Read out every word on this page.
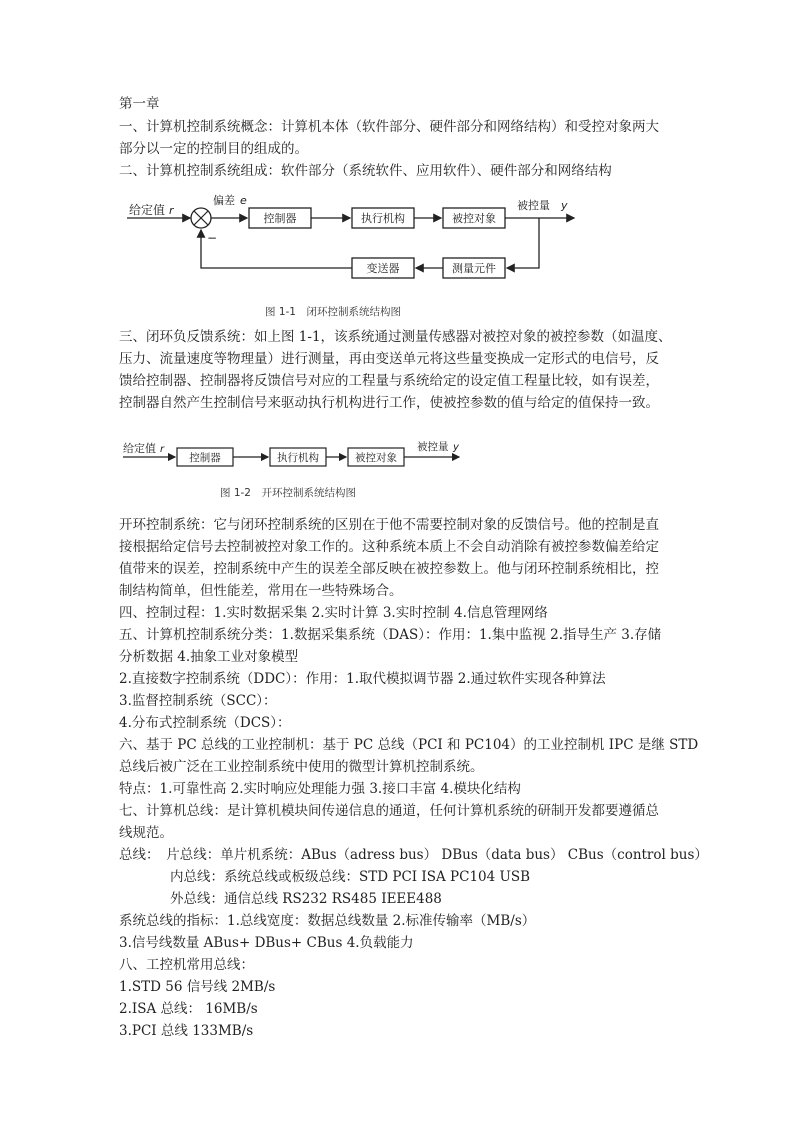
第一章
一、计算机控制系统概念：计算机本体（软件部分、硬件部分和网络结构）和受控对象两大
部分以一定的控制目的组成的。
二、计算机控制系统组成：软件部分（系统软件、应用软件）、硬件部分和网络结构
给定值 r
偏差 e
控制器	执行机构	被控对象
被控量 y
测量元件
变送器
−
图 1-1　闭环控制系统结构图
三、闭环负反馈系统：如上图 1-1，该系统通过测量传感器对被控对象的被控参数（如温度、
压力、流量速度等物理量）进行测量，再由变送单元将这些量变换成一定形式的电信号，反
馈给控制器、控制器将反馈信号对应的工程量与系统给定的设定值工程量比较，如有误差，
控制器自然产生控制信号来驱动执行机构进行工作，使被控参数的值与给定的值保持一致。
给定值 r
控制器	执行机构	被控对象
被控量 y
图 1-2　开环控制系统结构图
开环控制系统：它与闭环控制系统的区别在于他不需要控制对象的反馈信号。他的控制是直
接根据给定信号去控制被控对象工作的。这种系统本质上不会自动消除有被控参数偏差给定
值带来的误差，控制系统中产生的误差全部反映在被控参数上。他与闭环控制系统相比，控
制结构简单，但性能差，常用在一些特殊场合。
四、控制过程：1.实时数据采集 2.实时计算 3.实时控制 4.信息管理网络
五、计算机控制系统分类：1.数据采集系统（DAS）：作用：1.集中监视 2.指导生产 3.存储
分析数据 4.抽象工业对象模型
2.直接数字控制系统（DDC）：作用：1.取代模拟调节器 2.通过软件实现各种算法
3.监督控制系统（SCC）：
4.分布式控制系统（DCS）：
六、基于 PC 总线的工业控制机：基于 PC 总线（PCI 和 PC104）的工业控制机 IPC 是继 STD
总线后被广泛在工业控制系统中使用的微型计算机控制系统。
特点：1.可靠性高 2.实时响应处理能力强 3.接口丰富 4.模块化结构
七、计算机总线：是计算机模块间传递信息的通道，任何计算机系统的研制开发都要遵循总
线规范。
总线：　片总线：单片机系统：ABus（adress bus） DBus（data bus） CBus（control bus）
内总线：系统总线或板级总线：STD PCI ISA PC104 USB
外总线：通信总线 RS232 RS485 IEEE488
系统总线的指标：1.总线宽度：数据总线数量 2.标准传输率（MB/s）
3.信号线数量 ABus+ DBus+ CBus 4.负载能力
八、工控机常用总线：
1.STD 56 信号线 2MB/s
2.ISA 总线： 16MB/s
3.PCI 总线 133MB/s
